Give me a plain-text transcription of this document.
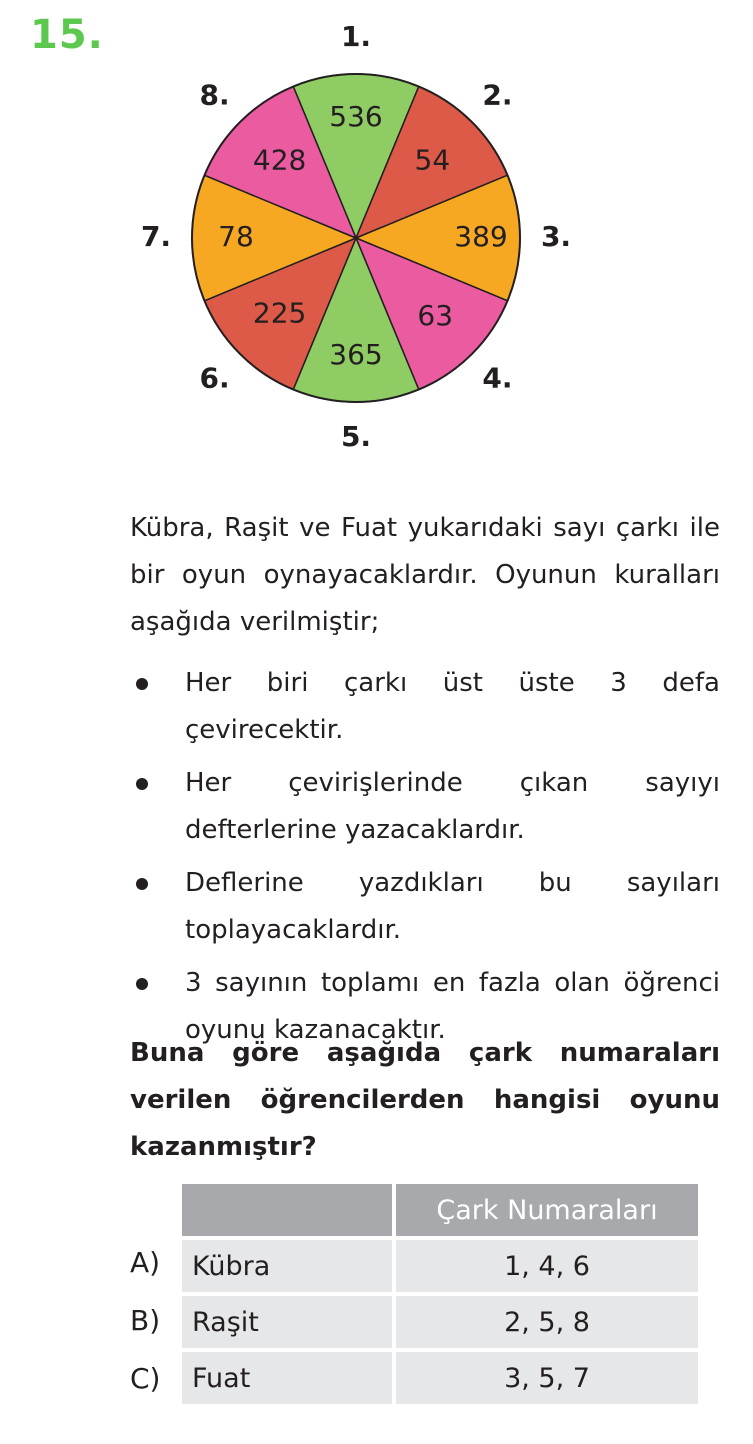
15.
536
54
389
63
365
225
78
428
1.
2.
3.
4.
5.
6.
7.
8.

Kübra, Raşit ve Fuat yukarıdaki sayı çarkı ile bir oyun oynayacaklardır. Oyunun kuralları aşağıda verilmiştir;

Her biri çarkı üst üste 3 defa çevirecektir.
Her çevirişlerinde çıkan sayıyı defterlerine yazacaklardır.
Deflerine yazdıkları bu sayıları toplayacaklardır.
3 sayının toplamı en fazla olan öğrenci oyunu kazanacaktır.

Buna göre aşağıda çark numaraları verilen öğrencilerden hangisi oyunu kazanmıştır?

A)
B)
C)
	Çark Numaraları
Kübra	1, 4, 6
Raşit	2, 5, 8
Fuat	3, 5, 7
